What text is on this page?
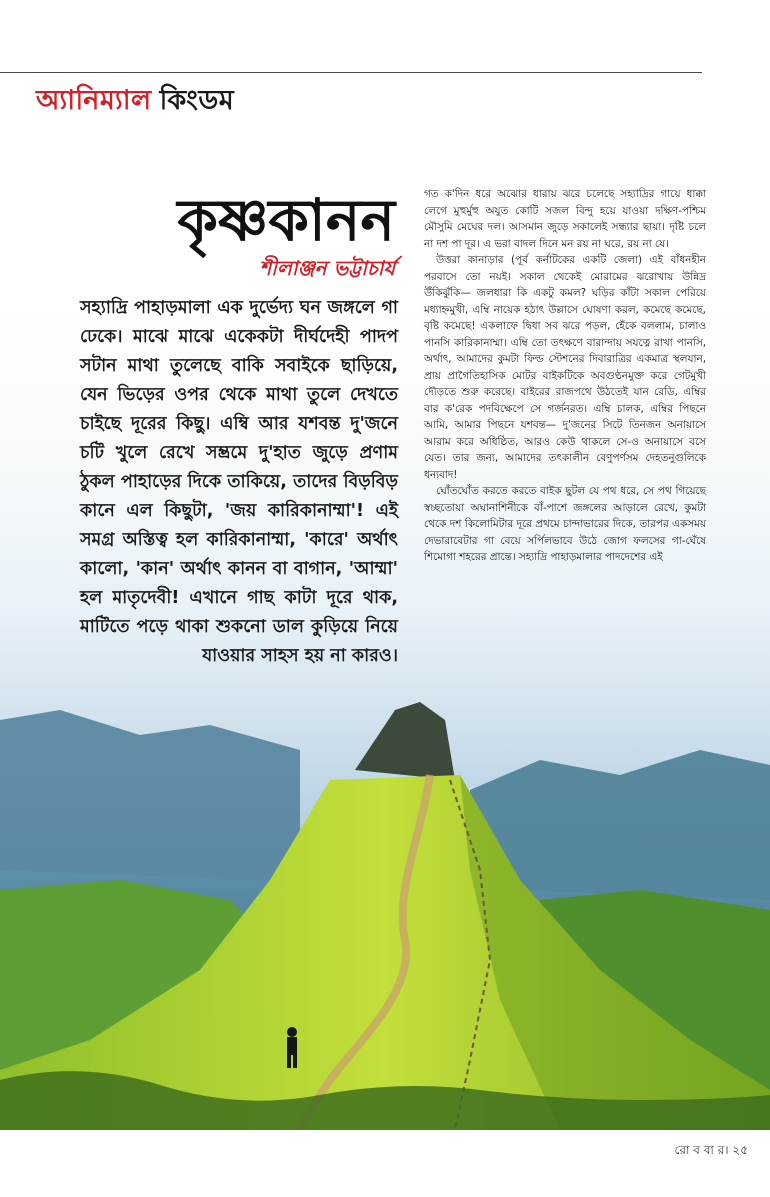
অ্যানিম্যাল কিংডম
কৃষ্ণকানন
শীলাঞ্জন ভট্টাচার্য

সহ্যাদ্রি পাহাড়মালা এক দুর্ভেদ্য ঘন জঙ্গলে গা ঢেকে। মাঝে মাঝে একেকটা দীর্ঘদেহী পাদপ সটান মাথা তুলেছে বাকি সবাইকে ছাড়িয়ে, যেন ভিড়ের ওপর থেকে মাথা তুলে দেখতে চাইছে দূরের কিছু। এম্বি আর যশবন্ত দু'জনে চটি খুলে রেখে সম্ভ্রমে দু'হাত জুড়ে প্রণাম ঠুকল পাহাড়ের দিকে তাকিয়ে, তাদের বিড়বিড় কানে এল কিছুটা, 'জয় কারিকানাম্মা'! এই সমগ্র অস্তিত্ব হল কারিকানাম্মা, 'কারে' অর্থাৎ কালো, 'কান' অর্থাৎ কানন বা বাগান, 'আম্মা' হল মাতৃদেবী! এখানে গাছ কাটা দূরে থাক, মাটিতে পড়ে থাকা শুকনো ডাল কুড়িয়ে নিয়ে যাওয়ার সাহস হয় না কারও।

গত ক'দিন ধরে অঝোর ধারায় ঝরে চলেছে সহ্যাদ্রির গায়ে ধাক্কা লেগে মুহুর্মুহু অযুত কোটি সজল বিন্দু হয়ে যাওয়া দক্ষিণ-পশ্চিম মৌসুমি মেঘের দল। আসমান জুড়ে সকালেই সন্ধ্যার ছায়া। দৃষ্টি চলে না দশ পা দূর। এ ভরা বাদল দিনে মন রয় না ঘরে, রয় না যে।

উত্তরা কানাড়ার (পূর্ব কর্নাটকের একটি জেলা) এই বাঁধনহীন পরবাসে তো নয়ই। সকাল থেকেই মোরামের ঝরোখায় উন্নিদ্র উঁকিঝুঁকি— জলধারা কি একটু কমল? ঘড়ির কাঁটা সকাল পেরিয়ে মধ্যাহ্নমুখী, এম্বি নায়েক হঠাৎ উল্লাসে ঘোষণা করল, কমেছে কমেছে, বৃষ্টি কমেছে! একলাফে দ্বিধা সব ঝরে পড়ল, হেঁকে বললাম, চালাও পানসি কারিকানাম্মা। এম্বি তো তৎক্ষণে বারান্দায় সযত্নে রাখা পানসি, অর্থাৎ, আমাদের কুমটা ফিল্ড স্টেশনের দিবারাত্রির একমাত্র স্থলযান, প্রায় প্রাগৈতিহাসিক মোটর বাইকটিকে অবগুণ্ঠনমুক্ত করে গেটমুখী দৌড়তে শুরু করেছে। বাইরের রাজপথে উঠতেই যান রেডি, এম্বির বার ক'রেক পদবিক্ষেপে সে গর্জনরত। এম্বি চালক, এম্বির পিছনে আমি, আমার পিছনে যশবন্ত— দু'জনের সিটে তিনজন অনায়াসে আরাম করে অধিষ্ঠিত, আরও কেউ থাকলে সে-ও অনায়াসে বসে যেত। তার জন্য, আমাদের তৎকালীন বেণুপর্ণসম দেহতনুগুলিকে ধন্যবাদ!

ঘোঁতঘোঁত করতে করতে বাইক ছুটল যে পথ ধরে, সে পথ গিয়েছে স্বচ্ছতোয়া অঘানাশিনীকে বাঁ-পাশে জঙ্গলের আড়ালে রেখে, কুমটা থেকে দশ কিলোমিটার দূরে প্রথমে চান্দাভারের দিকে, তারপর একসময় দেভারাবেটার গা বেয়ে সর্পিলভাবে উঠে জোগ ফলসের গা-ঘেঁষে শিমোগা শহরের প্রান্তে। সহ্যাদ্রি পাহাড়মালার পাদদেশের এই

রো ব বা র। ২৫
